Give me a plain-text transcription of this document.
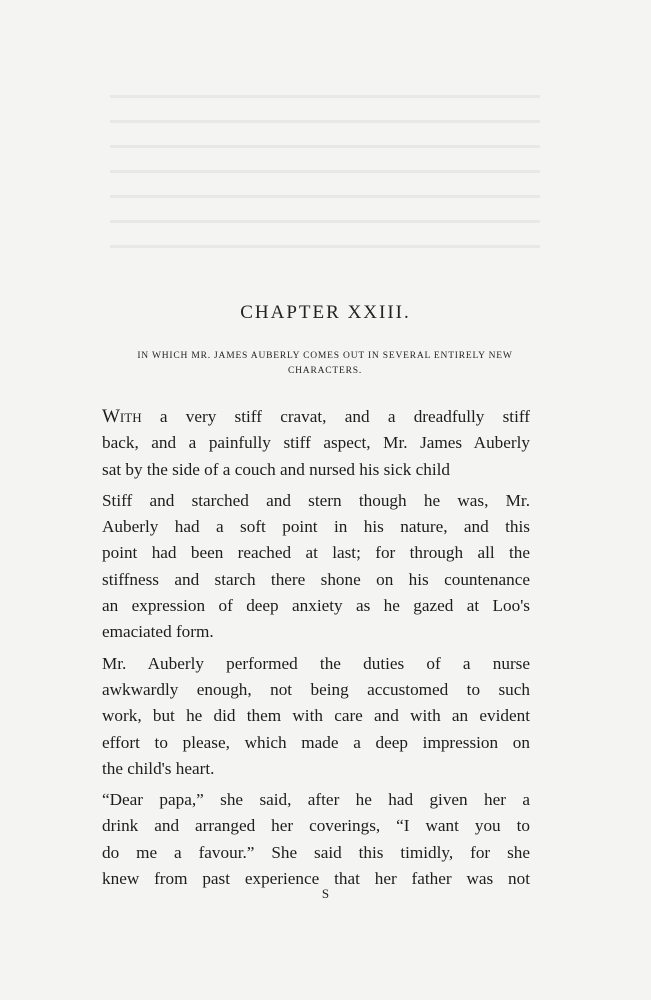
CHAPTER XXIII.
IN WHICH MR. JAMES AUBERLY COMES OUT IN SEVERAL ENTIRELY NEW
CHARACTERS.

With a very stiff cravat, and a dreadfully stiff
back, and a painfully stiff aspect, Mr. James Auberly
sat by the side of a couch and nursed his sick child

Stiff and starched and stern though he was, Mr.
Auberly had a soft point in his nature, and this
point had been reached at last; for through all the
stiffness and starch there shone on his countenance
an expression of deep anxiety as he gazed at Loo's
emaciated form.

Mr. Auberly performed the duties of a nurse
awkwardly enough, not being accustomed to such
work, but he did them with care and with an evident
effort to please, which made a deep impression on
the child's heart.

“Dear papa,” she said, after he had given her a
drink and arranged her coverings, “I want you to
do me a favour.” She said this timidly, for she
knew from past experience that her father was not

S
